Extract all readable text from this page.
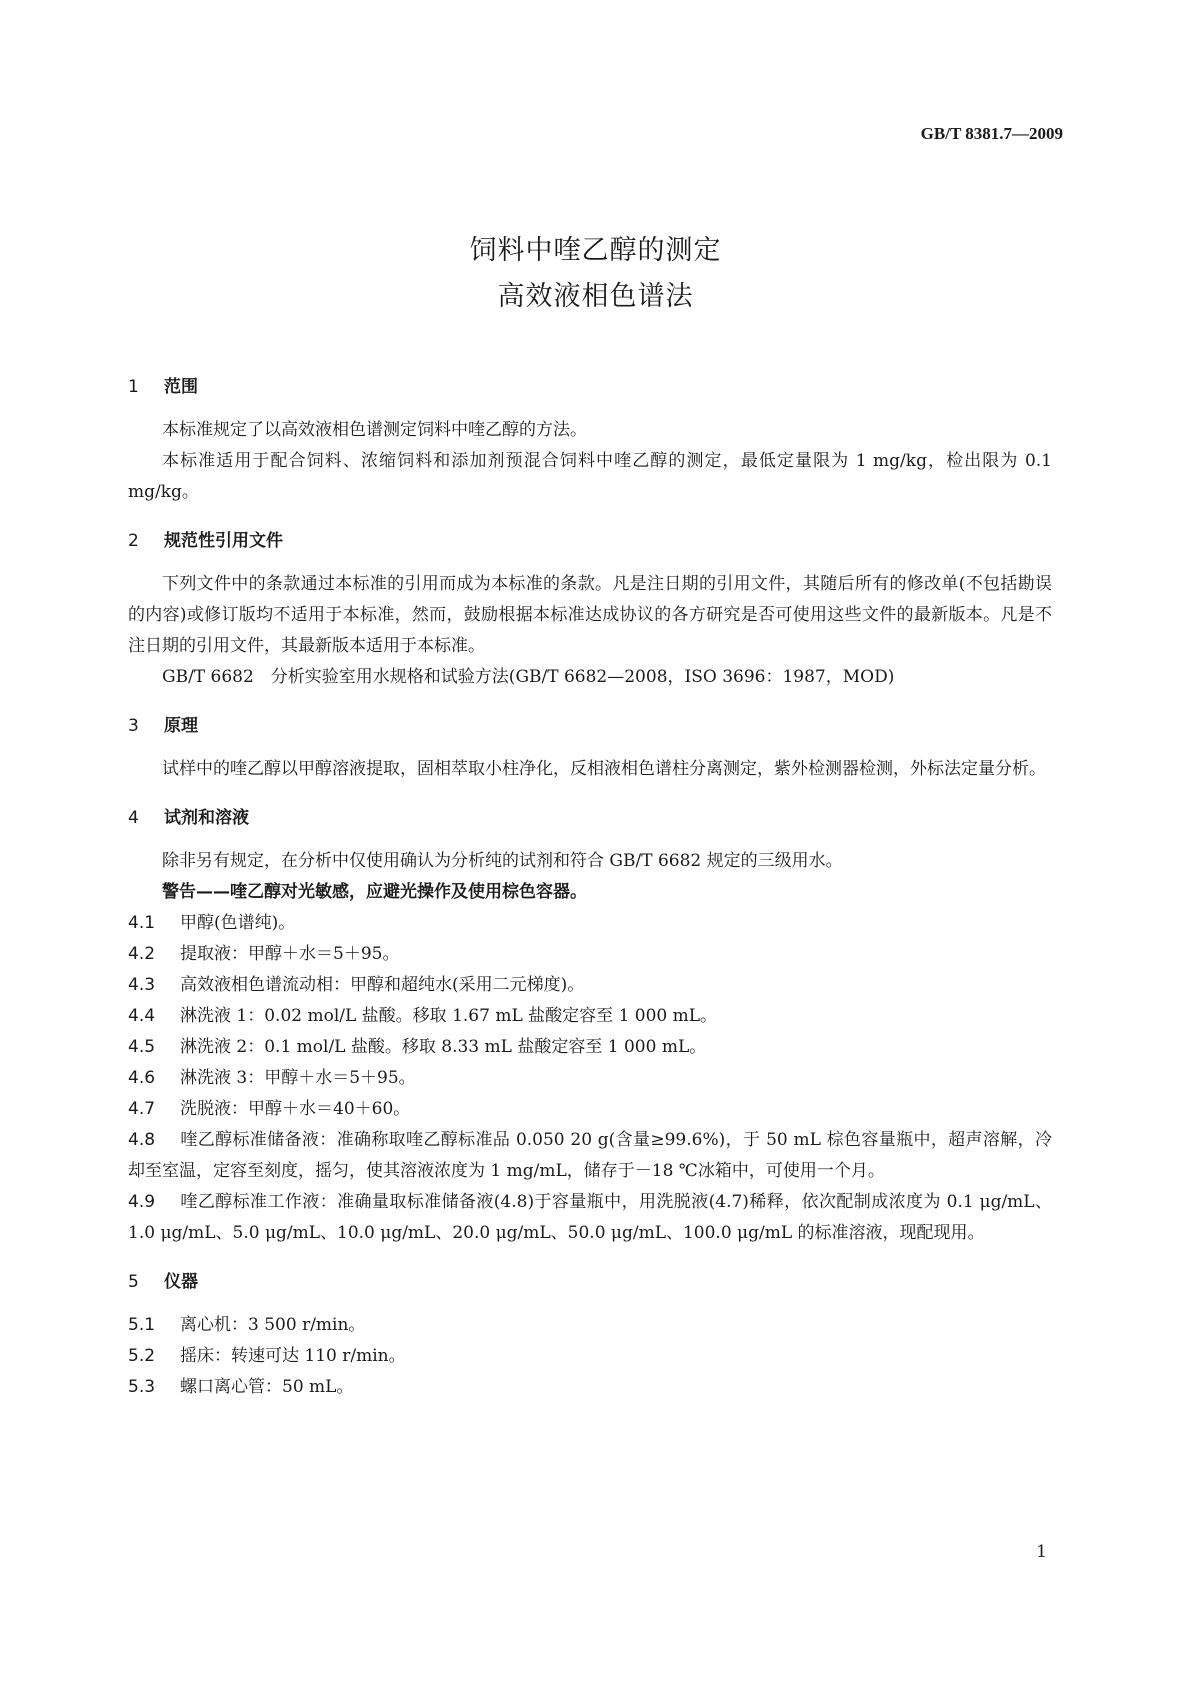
GB/T 8381.7—2009
饲料中喹乙醇的测定
高效液相色谱法

1 范围

本标准规定了以高效液相色谱测定饲料中喹乙醇的方法。

本标准适用于配合饲料、浓缩饲料和添加剂预混合饲料中喹乙醇的测定，最低定量限为 1 mg/kg，检出限为 0.1 mg/kg。

2 规范性引用文件

下列文件中的条款通过本标准的引用而成为本标准的条款。凡是注日期的引用文件，其随后所有的修改单(不包括勘误的内容)或修订版均不适用于本标准，然而，鼓励根据本标准达成协议的各方研究是否可使用这些文件的最新版本。凡是不注日期的引用文件，其最新版本适用于本标准。

GB/T 6682　分析实验室用水规格和试验方法(GB/T 6682—2008，ISO 3696：1987，MOD)

3 原理

试样中的喹乙醇以甲醇溶液提取，固相萃取小柱净化，反相液相色谱柱分离测定，紫外检测器检测，外标法定量分析。

4 试剂和溶液

除非另有规定，在分析中仅使用确认为分析纯的试剂和符合 GB/T 6682 规定的三级用水。

警告——喹乙醇对光敏感，应避光操作及使用棕色容器。

4.1 甲醇(色谱纯)。

4.2 提取液：甲醇＋水＝5＋95。

4.3 高效液相色谱流动相：甲醇和超纯水(采用二元梯度)。

4.4 淋洗液 1：0.02 mol/L 盐酸。移取 1.67 mL 盐酸定容至 1 000 mL。

4.5 淋洗液 2：0.1 mol/L 盐酸。移取 8.33 mL 盐酸定容至 1 000 mL。

4.6 淋洗液 3：甲醇＋水＝5＋95。

4.7 洗脱液：甲醇＋水＝40＋60。

4.8 喹乙醇标准储备液：准确称取喹乙醇标准品 0.050 20 g(含量≥99.6%)，于 50 mL 棕色容量瓶中，超声溶解，冷却至室温，定容至刻度，摇匀，使其溶液浓度为 1 mg/mL，储存于－18 ℃冰箱中，可使用一个月。

4.9 喹乙醇标准工作液：准确量取标准储备液(4.8)于容量瓶中，用洗脱液(4.7)稀释，依次配制成浓度为 0.1 μg/mL、1.0 μg/mL、5.0 μg/mL、10.0 μg/mL、20.0 μg/mL、50.0 μg/mL、100.0 μg/mL 的标准溶液，现配现用。

5 仪器

5.1 离心机：3 500 r/min。

5.2 摇床：转速可达 110 r/min。

5.3 螺口离心管：50 mL。

1
